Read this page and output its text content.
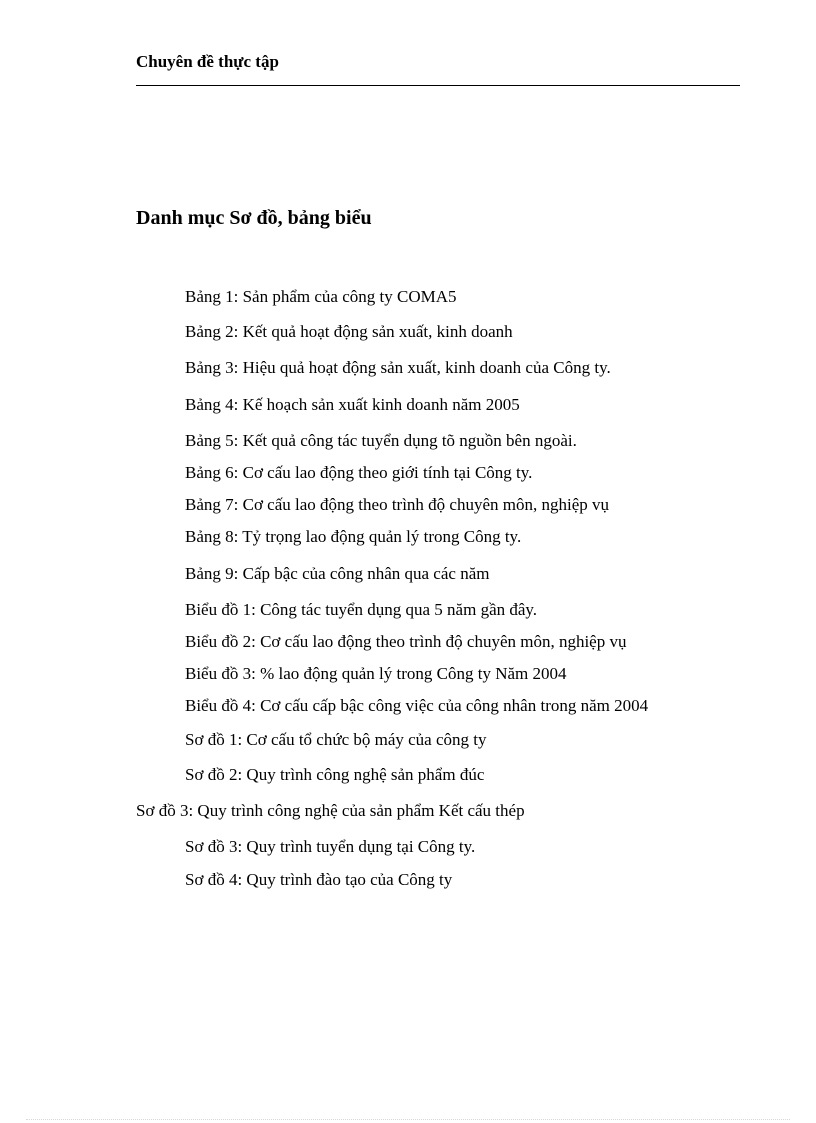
Chuyên đề thực tập
Danh mục Sơ đồ, bảng biểu
Bảng 1: Sản phẩm của công ty COMA5
Bảng 2: Kết quả hoạt động sản xuất, kinh doanh
Bảng 3: Hiệu quả hoạt động sản xuất, kinh doanh của Công ty.
Bảng 4: Kế hoạch sản xuất kinh doanh năm 2005
Bảng 5: Kết quả công tác tuyển dụng tõ nguồn bên ngoài.
Bảng 6: Cơ cấu lao động theo giới tính tại Công ty.
Bảng 7: Cơ cấu lao động theo trình độ chuyên môn, nghiệp vụ
Bảng 8: Tỷ trọng lao động quản lý trong Công ty.
Bảng 9: Cấp bậc của công nhân qua các năm
Biểu đồ 1: Công tác tuyển dụng qua 5 năm gần đây.
Biểu đồ 2: Cơ cấu lao động theo trình độ chuyên môn, nghiệp vụ
Biểu đồ 3: % lao động quản lý trong Công ty Năm 2004
Biểu đồ 4: Cơ cấu cấp bậc công việc của công nhân trong năm 2004
Sơ đồ 1: Cơ cấu tổ chức bộ máy của công ty
Sơ đồ 2: Quy trình công nghệ sản phẩm đúc
Sơ đồ 3: Quy trình công nghệ của sản phẩm Kết cấu thép
Sơ đồ 3: Quy trình tuyển dụng tại Công ty.
Sơ đồ 4: Quy trình đào tạo của Công ty
